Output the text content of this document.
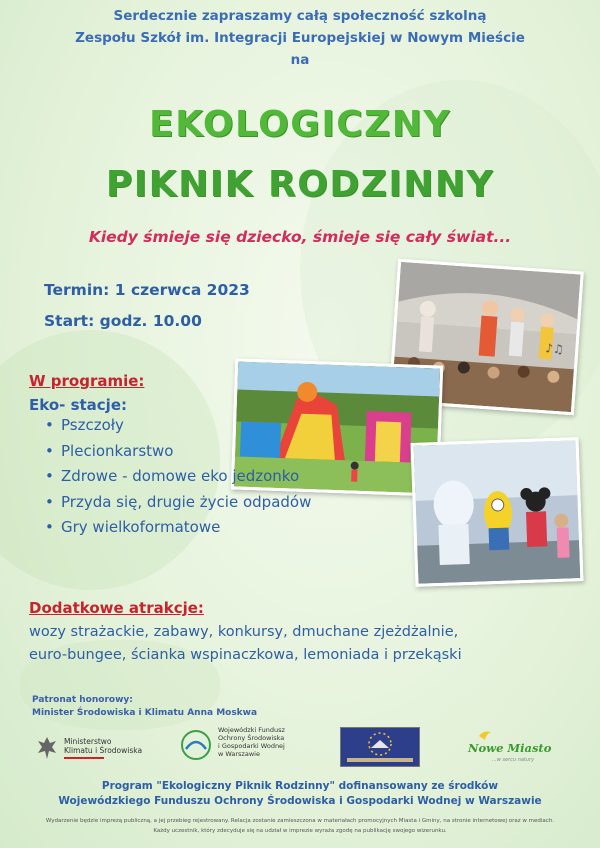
Serdecznie zapraszamy całą społeczność szkolną
Zespołu Szkół im. Integracji Europejskiej w Nowym Mieście
na
EKOLOGICZNY
PIKNIK RODZINNY
Kiedy śmieje się dziecko, śmieje się cały świat...
Termin: 1 czerwca 2023
Start: godz. 10.00
♪♫
W programie:
Eko- stacje:
• Pszczoły
• Plecionkarstwo
• Zdrowe - domowe eko jedzonko
• Przyda się, drugie życie odpadów
• Gry wielkoformatowe
Dodatkowe atrakcje:
wozy strażackie, zabawy, konkursy, dmuchane zjeżdżalnie,
euro-bungee, ścianka wspinaczkowa, lemoniada i przekąski
Patronat honorowy:
Minister Środowiska i Klimatu Anna Moskwa
Ministerstwo
Klimatu i Środowiska
Wojewódzki Fundusz
Ochrony Środowiska
i Gospodarki Wodnej
w Warszawie	Nowe Miasto
...w sercu natury
Program "Ekologiczny Piknik Rodzinny" dofinansowany ze środków
Wojewódzkiego Funduszu Ochrony Środowiska i Gospodarki Wodnej w Warszawie
Wydarzenie będzie imprezą publiczną, a jej przebieg rejestrowany. Relacja zostanie zamieszczona w materiałach promocyjnych Miasta i Gminy, na stronie internetowej oraz w mediach.
Każdy uczestnik, który zdecyduje się na udział w imprezie wyraża zgodę na publikację swojego wizerunku.
